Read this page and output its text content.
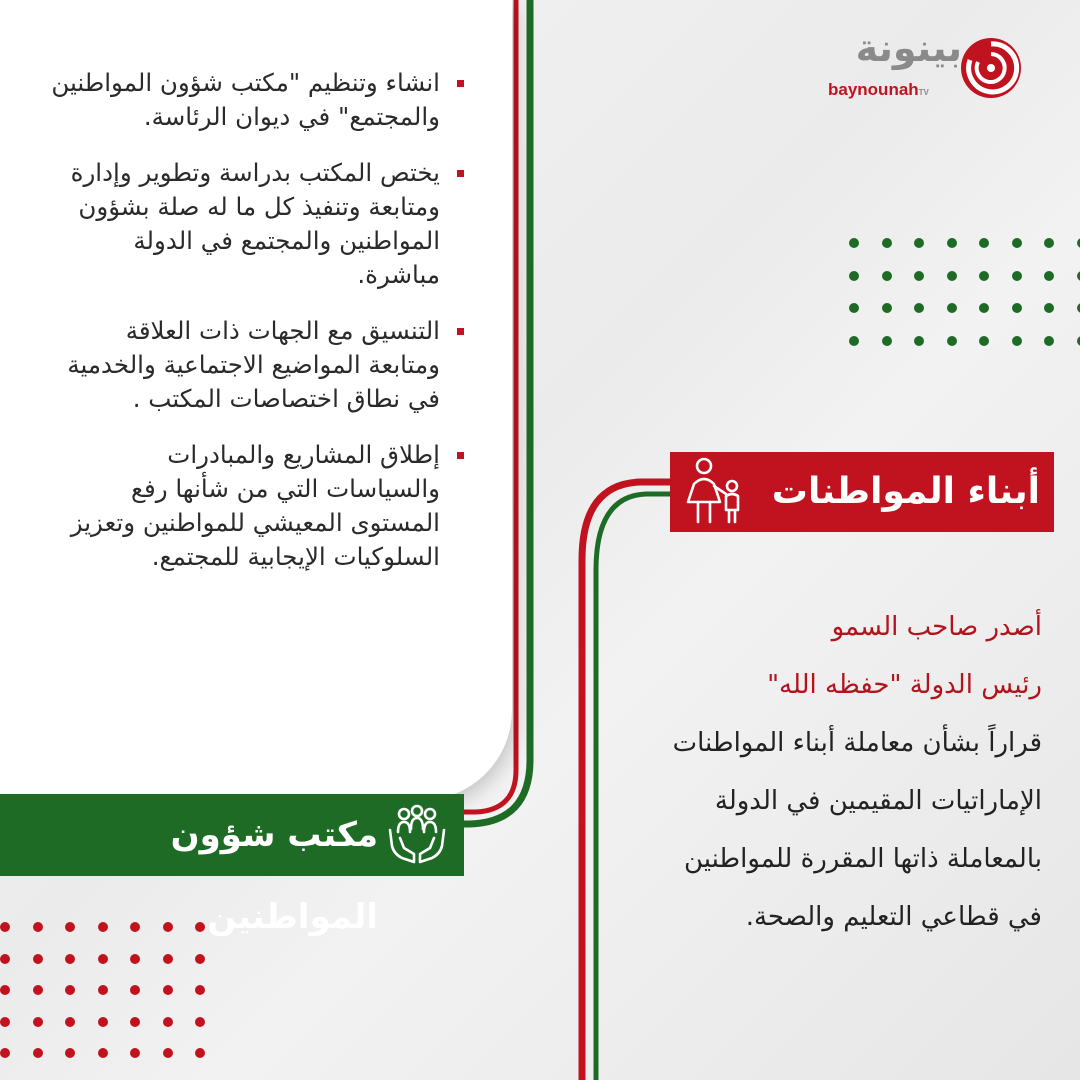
انشاء وتنظيم "مكتب شؤون المواطنين والمجتمع" في ديوان الرئاسة.
يختص المكتب بدراسة وتطوير وإدارة ومتابعة وتنفيذ كل ما له صلة بشؤون المواطنين والمجتمع في الدولة مباشرة.
التنسيق مع الجهات ذات العلاقة ومتابعة المواضيع الاجتماعية والخدمية في نطاق اختصاصات المكتب .
إطلاق المشاريع والمبادرات والسياسات التي من شأنها رفع المستوى المعيشي للمواطنين وتعزيز السلوكيات الإيجابية للمجتمع.
مكتب شؤون المواطنين
أبناء المواطنات
أصدر صاحب السمو
رئيس الدولة "حفظه الله"
قراراً بشأن معاملة أبناء المواطنات
الإماراتيات المقيمين في الدولة
بالمعاملة ذاتها المقررة للمواطنين
في قطاعي التعليم والصحة.
بينونة
baynounahTV
